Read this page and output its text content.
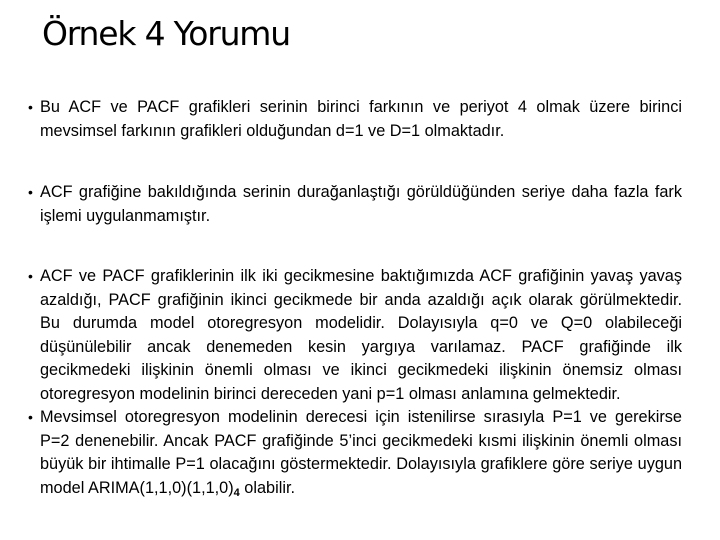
Örnek 4 Yorumu
• Bu ACF ve PACF grafikleri serinin birinci farkının ve periyot 4 olmak üzere birinci mevsimsel farkının grafikleri olduğundan d=1 ve D=1 olmaktadır.
• ACF grafiğine bakıldığında serinin durağanlaştığı görüldüğünden seriye daha fazla fark işlemi uygulanmamıştır.
• ACF ve PACF grafiklerinin ilk iki gecikmesine baktığımızda ACF grafiğinin yavaş yavaş azaldığı, PACF grafiğinin ikinci gecikmede bir anda azaldığı açık olarak görülmektedir. Bu durumda model otoregresyon modelidir. Dolayısıyla q=0 ve Q=0 olabileceği düşünülebilir ancak denemeden kesin yargıya varılamaz. PACF grafiğinde ilk gecikmedeki ilişkinin önemli olması ve ikinci gecikmedeki ilişkinin önemsiz olması otoregresyon modelinin birinci dereceden yani p=1 olması anlamına gelmektedir.
• Mevsimsel otoregresyon modelinin derecesi için istenilirse sırasıyla P=1 ve gerekirse P=2 denenebilir. Ancak PACF grafiğinde 5’inci gecikmedeki kısmi ilişkinin önemli olması büyük bir ihtimalle P=1 olacağını göstermektedir. Dolayısıyla grafiklere göre seriye uygun model $ARIMA(1,1,0)(1,1,0)_4$ olabilir.
